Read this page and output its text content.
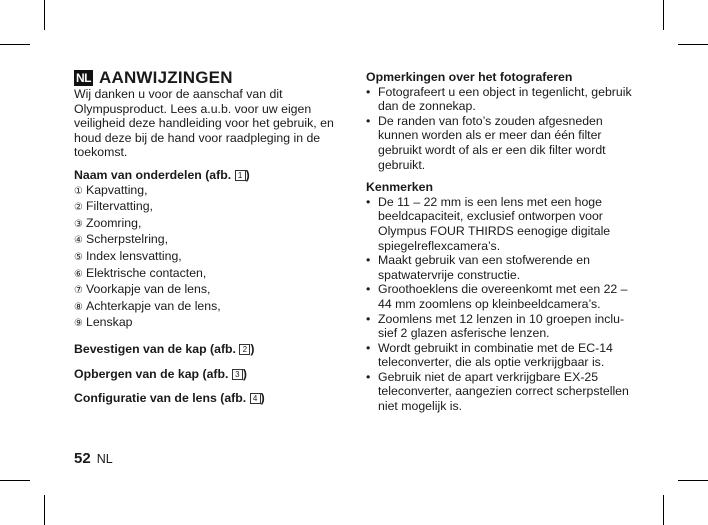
NL AANWIJZINGEN

Wij danken u voor de aanschaf van dit Olympusproduct. Lees a.u.b. voor uw eigen veiligheid deze handleiding voor het gebruik, en houd deze bij de hand voor raadpleging in de toekomst.

Naam van onderdelen (afb. 1 )

① Kapvatting,
② Filtervatting,
③ Zoomring,
④ Scherpstelring,
⑤ Index lensvatting,
⑥ Elektrische contacten,
⑦ Voorkapje van de lens,
⑧ Achterkapje van de lens,
⑨ Lenskap

Bevestigen van de kap (afb. 2 )

Opbergen van de kap (afb. 3 )

Configuratie van de lens (afb. 4 )

Opmerkingen over het fotograferen

• Fotografeert u een object in tegenlicht, gebruik dan de zonnekap.
• De randen van foto’s zouden afgesneden kunnen worden als er meer dan één filter gebruikt wordt of als er een dik filter wordt gebruikt.

Kenmerken

• De 11 – 22 mm is een lens met een hoge beeldcapaciteit, exclusief ontworpen voor Olympus FOUR THIRDS eenogige digitale spiegelreflexcamera’s.
• Maakt gebruik van een stofwerende en spatwatervrije constructie.
• Groothoeklens die overeenkomt met een 22 – 44 mm zoomlens op kleinbeeldcamera’s.
• Zoomlens met 12 lenzen in 10 groepen inclu-sief 2 glazen asferische lenzen.
• Wordt gebruikt in combinatie met de EC-14 teleconverter, die als optie verkrijgbaar is.
• Gebruik niet de apart verkrijgbare EX-25 teleconverter, aangezien correct scherpstellen niet mogelijk is.
52 NL
